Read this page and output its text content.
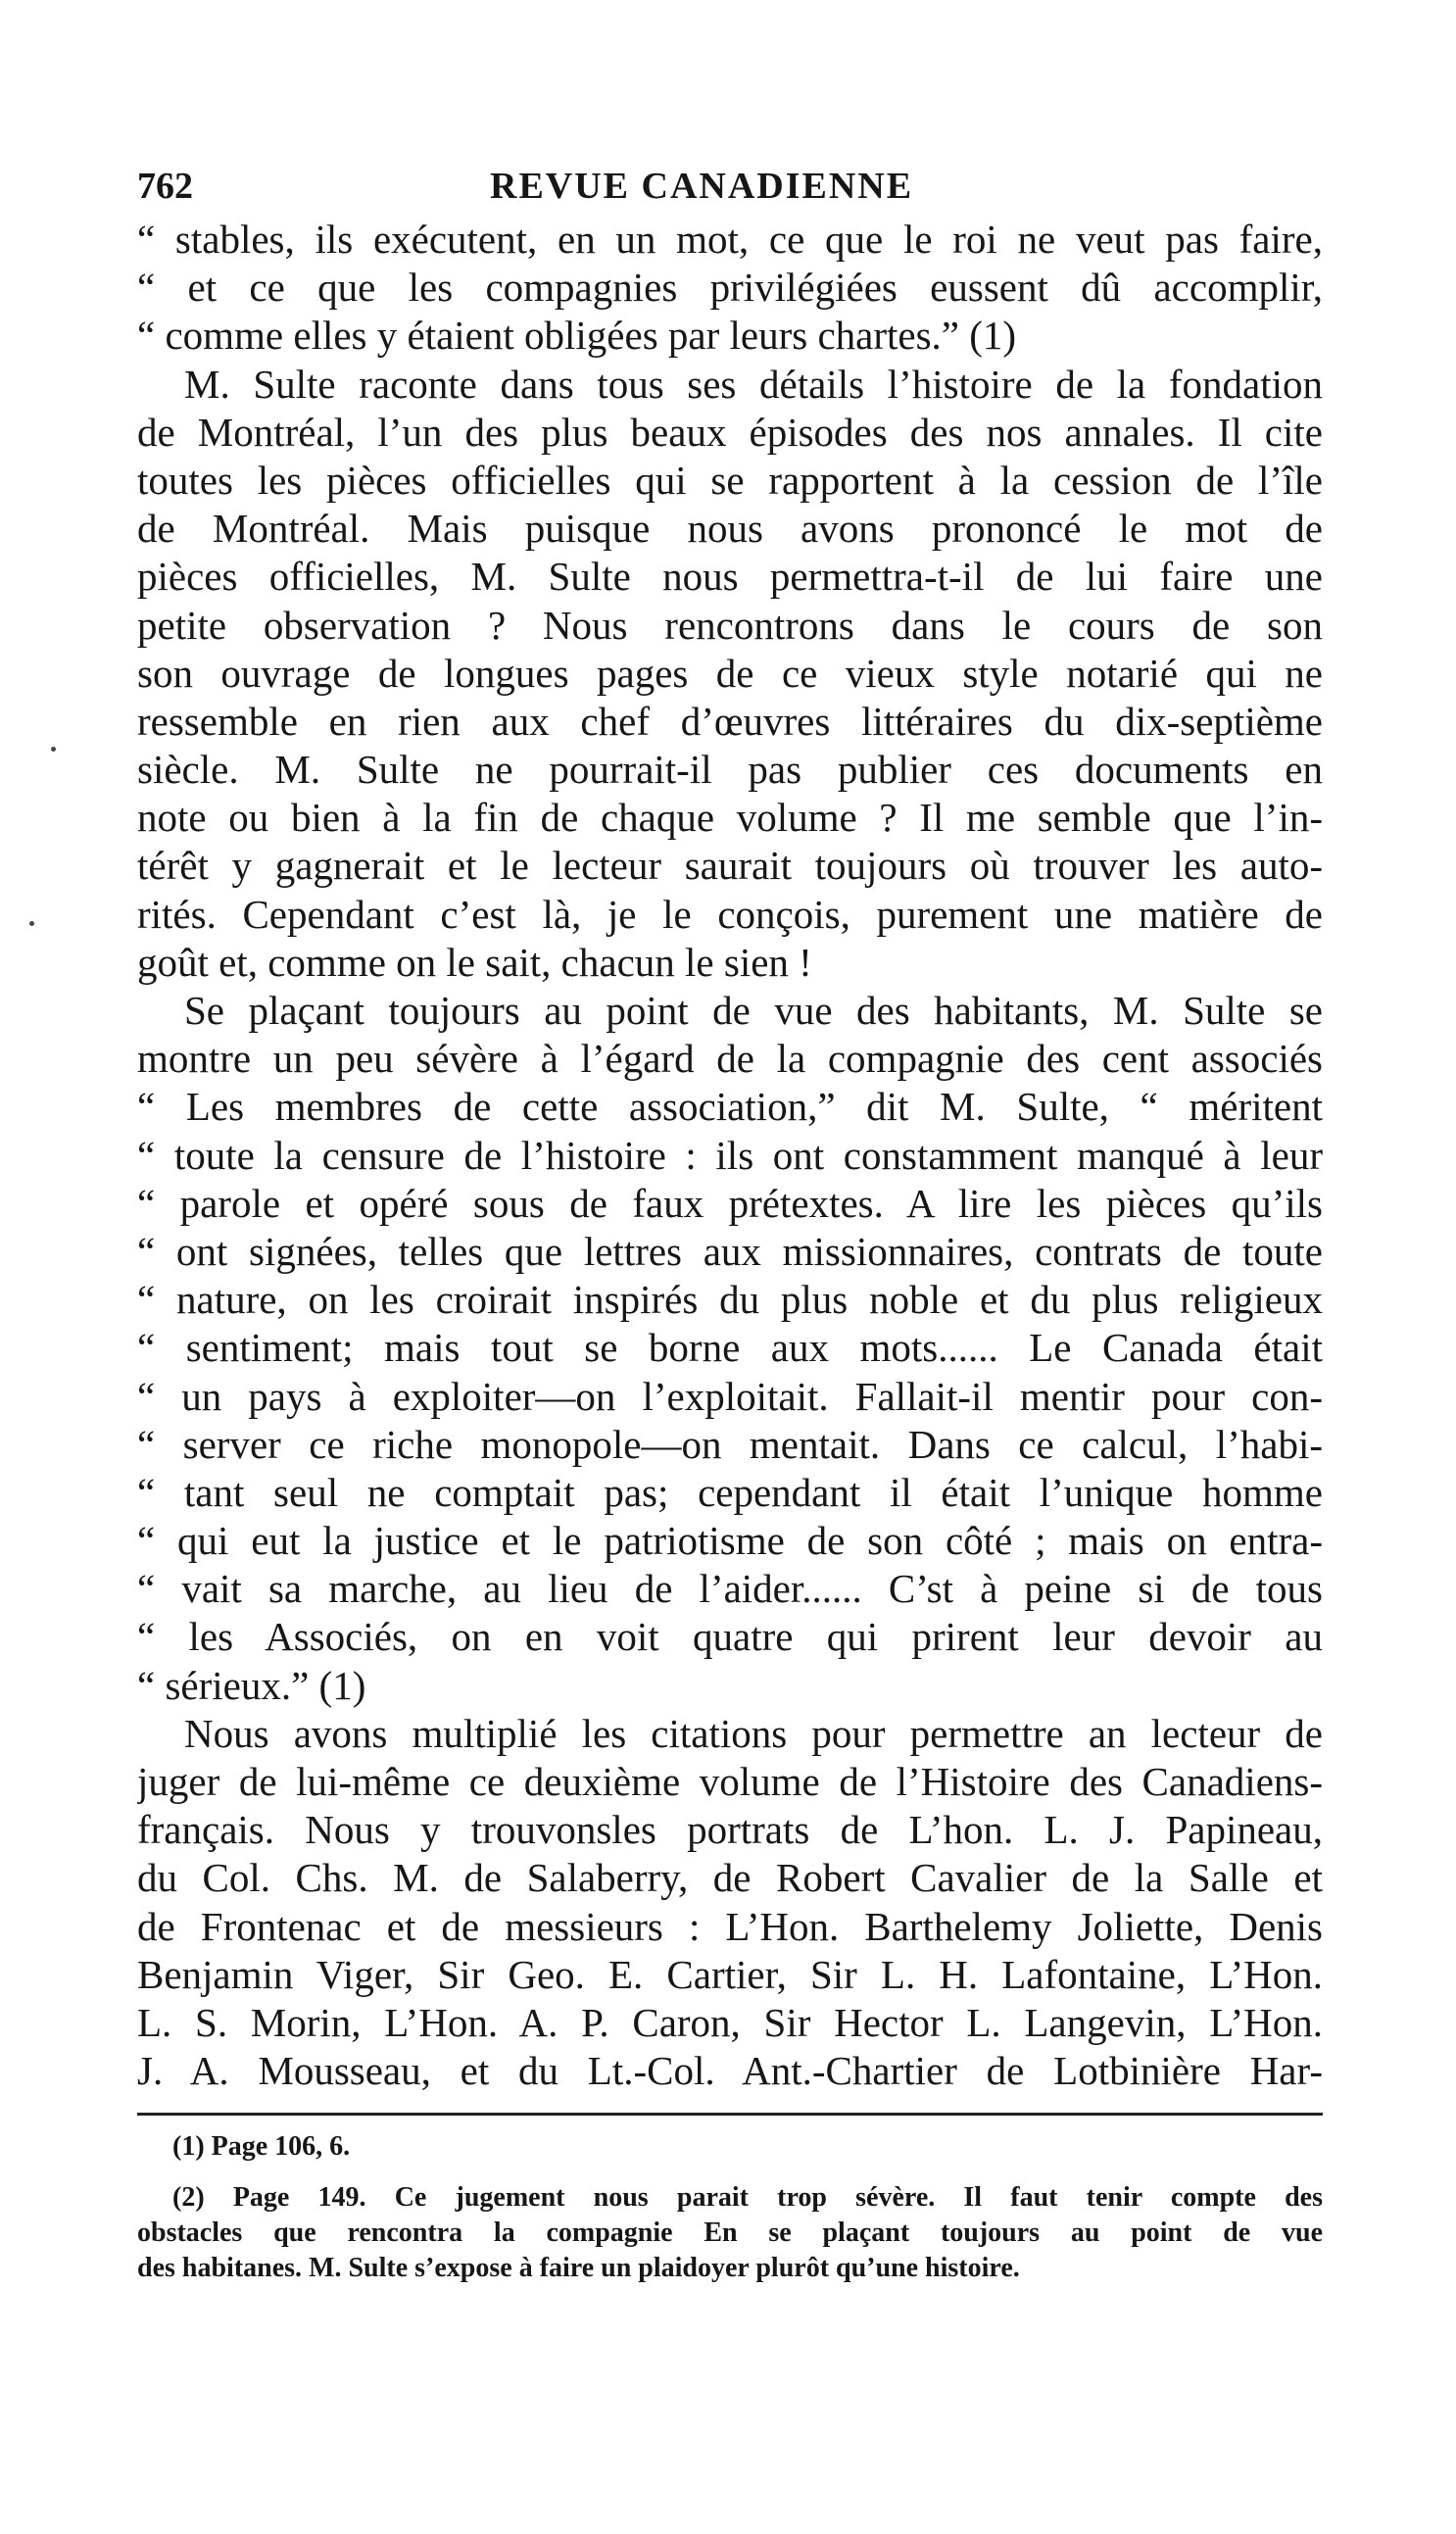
762	REVUE CANADIENNE
“ stables, ils exécutent, en un mot, ce que le roi ne veut pas faire,
“ et ce que les compagnies privilégiées eussent dû accomplir,
“ comme elles y étaient obligées par leurs chartes.” (1)
M. Sulte raconte dans tous ses détails l’histoire de la fondation
de Montréal, l’un des plus beaux épisodes des nos annales. Il cite
toutes les pièces officielles qui se rapportent à la cession de l’île
de Montréal. Mais puisque nous avons prononcé le mot de
pièces officielles, M. Sulte nous permettra-t-il de lui faire une
petite observation ? Nous rencontrons dans le cours de son
son ouvrage de longues pages de ce vieux style notarié qui ne
ressemble en rien aux chef d’œuvres littéraires du dix-septième
siècle. M. Sulte ne pourrait-il pas publier ces documents en
note ou bien à la fin de chaque volume ? Il me semble que l’in-
térêt y gagnerait et le lecteur saurait toujours où trouver les auto-
rités. Cependant c’est là, je le conçois, purement une matière de
goût et, comme on le sait, chacun le sien !
Se plaçant toujours au point de vue des habitants, M. Sulte se
montre un peu sévère à l’égard de la compagnie des cent associés
“ Les membres de cette association,” dit M. Sulte, “ méritent
“ toute la censure de l’histoire : ils ont constamment manqué à leur
“ parole et opéré sous de faux prétextes. A lire les pièces qu’ils
“ ont signées, telles que lettres aux missionnaires, contrats de toute
“ nature, on les croirait inspirés du plus noble et du plus religieux
“ sentiment; mais tout se borne aux mots...... Le Canada était
“ un pays à exploiter—on l’exploitait. Fallait-il mentir pour con-
“ server ce riche monopole—on mentait. Dans ce calcul, l’habi-
“ tant seul ne comptait pas; cependant il était l’unique homme
“ qui eut la justice et le patriotisme de son côté ; mais on entra-
“ vait sa marche, au lieu de l’aider...... C’st à peine si de tous
“ les Associés, on en voit quatre qui prirent leur devoir au
“ sérieux.” (1)
Nous avons multiplié les citations pour permettre an lecteur de
juger de lui-même ce deuxième volume de l’Histoire des Canadiens-
français. Nous y trouvonsles portrats de L’hon. L. J. Papineau,
du Col. Chs. M. de Salaberry, de Robert Cavalier de la Salle et
de Frontenac et de messieurs : L’Hon. Barthelemy Joliette, Denis
Benjamin Viger, Sir Geo. E. Cartier, Sir L. H. Lafontaine, L’Hon.
L. S. Morin, L’Hon. A. P. Caron, Sir Hector L. Langevin, L’Hon.
J. A. Mousseau, et du Lt.-Col. Ant.-Chartier de Lotbinière Har-
(1) Page 106, 6.
(2) Page 149. Ce jugement nous parait trop sévère. Il faut tenir compte des
obstacles que rencontra la compagnie En se plaçant toujours au point de vue
des habitanes. M. Sulte s’expose à faire un plaidoyer plurôt qu’une histoire.
